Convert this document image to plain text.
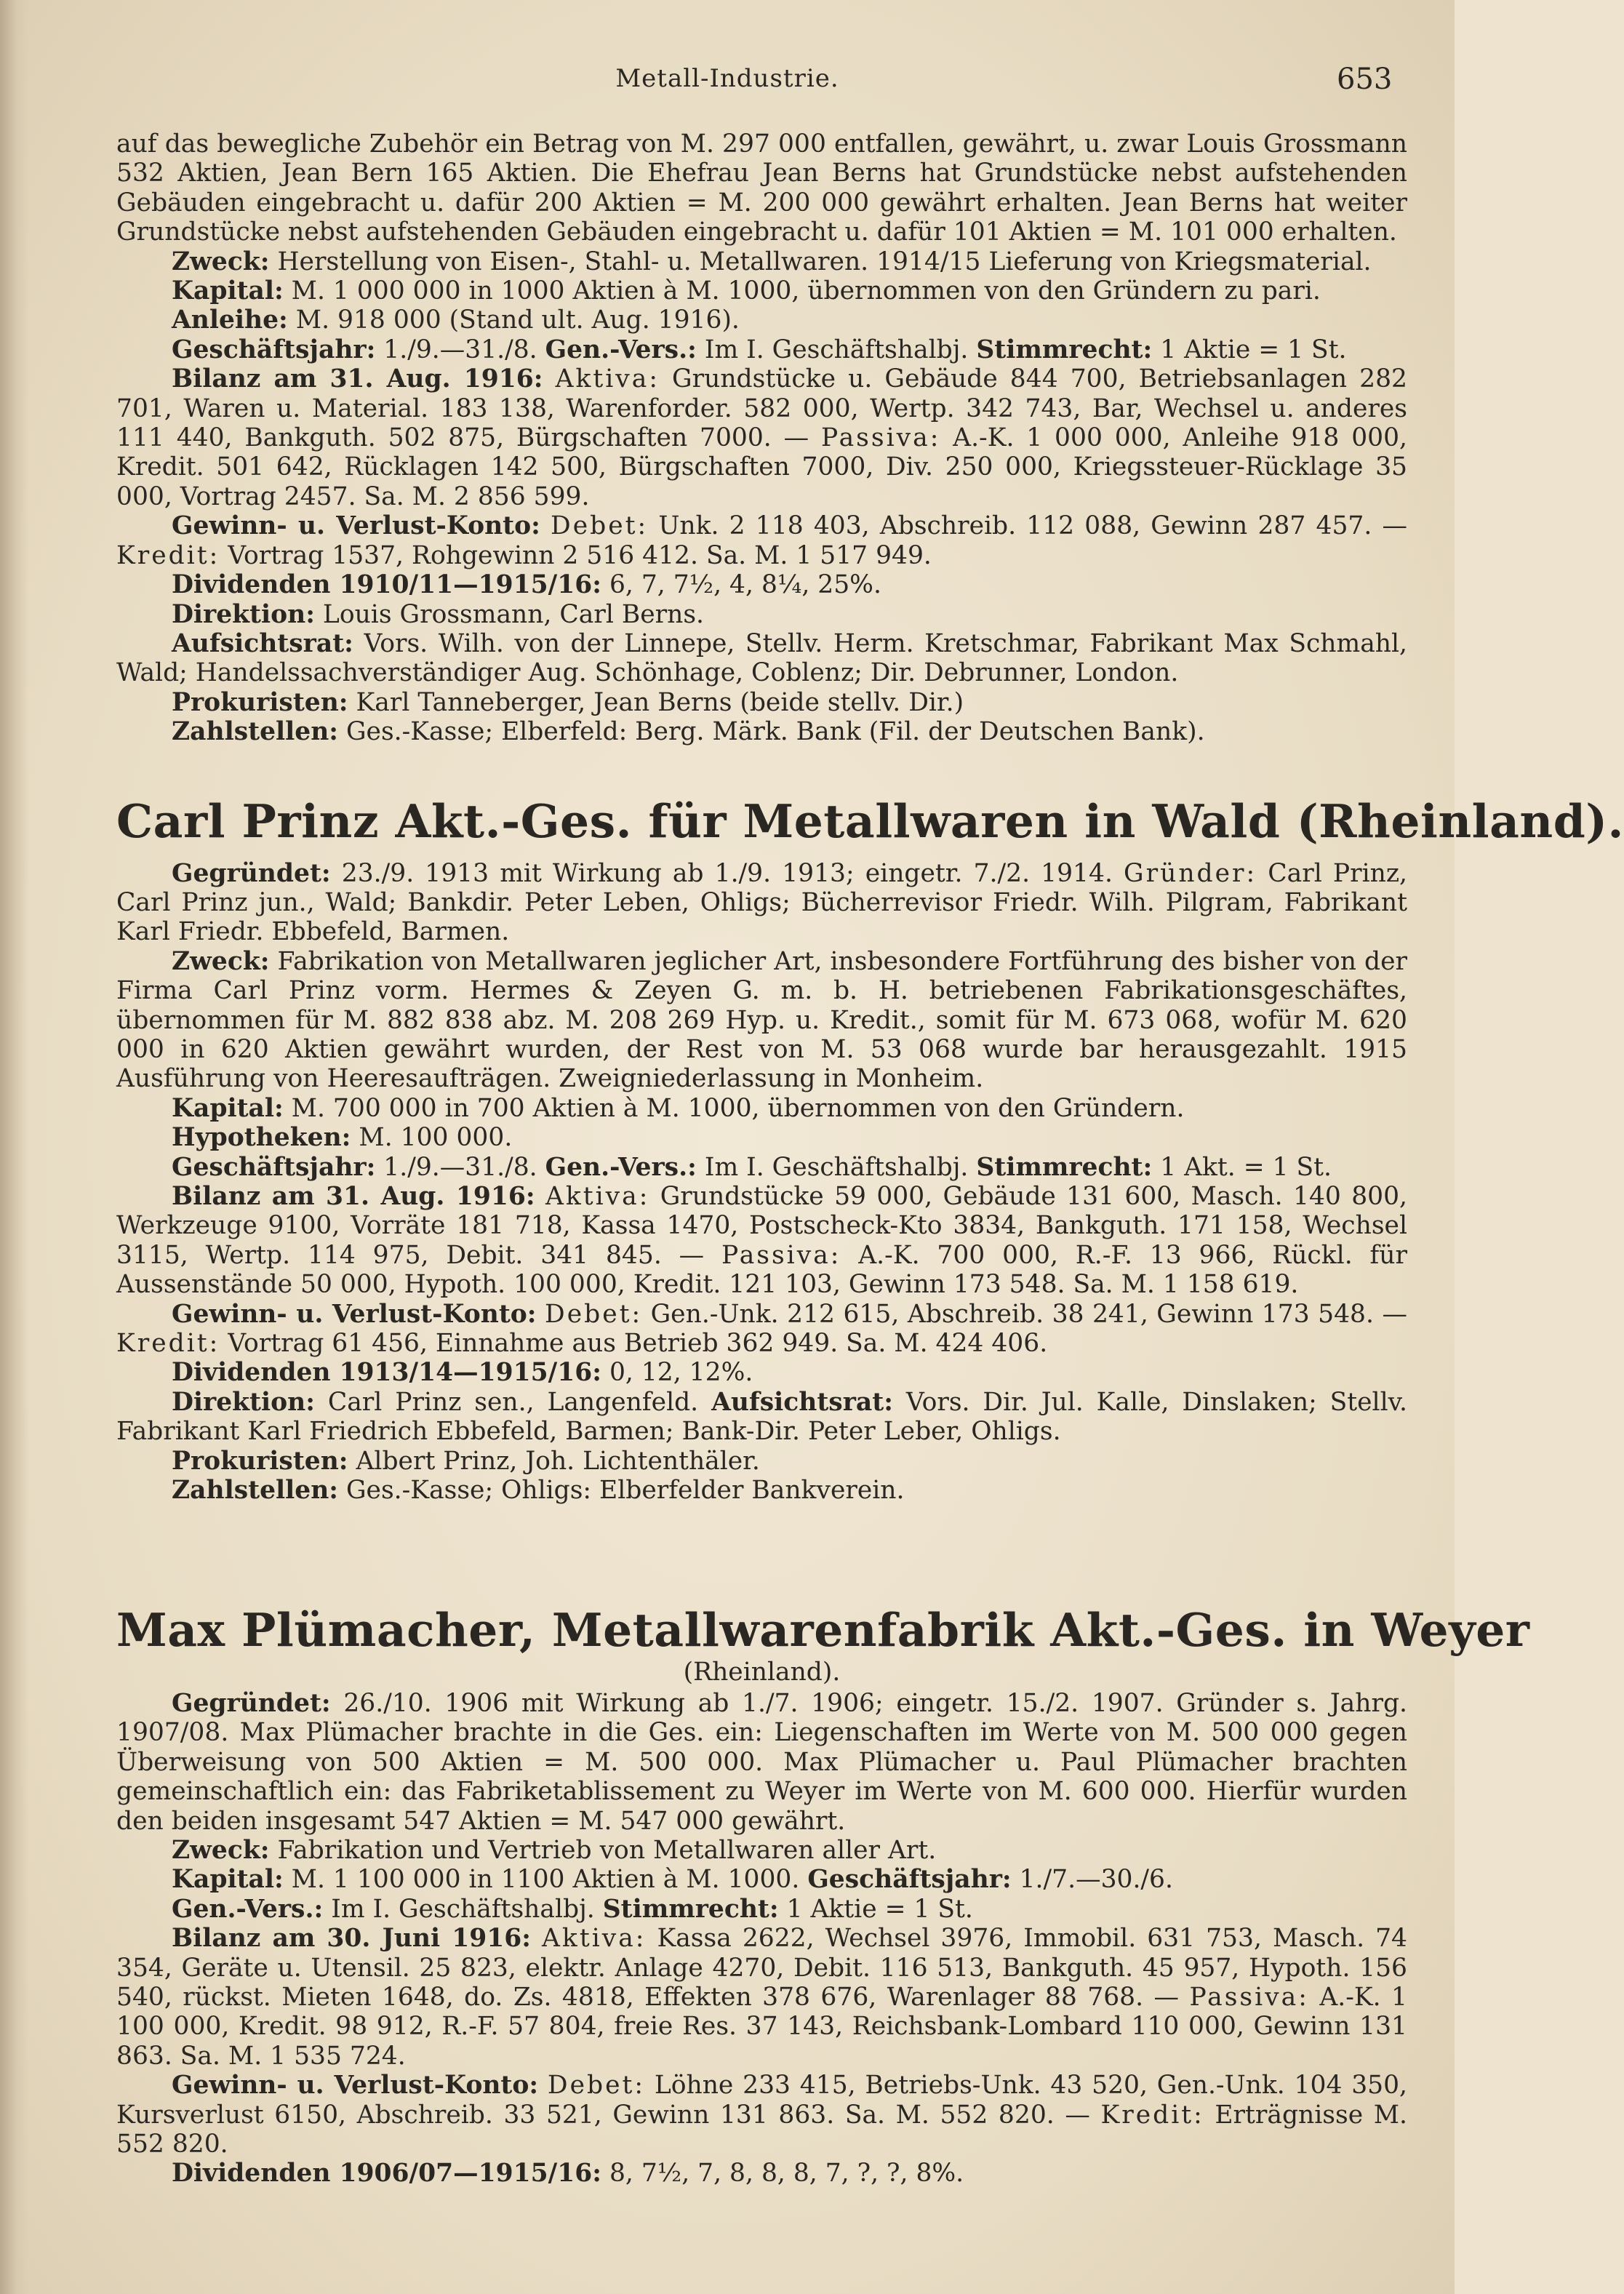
Metall-Industrie.	653

auf das bewegliche Zubehör ein Betrag von M. 297 000 entfallen, gewährt, u. zwar Louis Grossmann 532 Aktien, Jean Bern 165 Aktien. Die Ehefrau Jean Berns hat Grundstücke nebst aufstehenden Gebäuden eingebracht u. dafür 200 Aktien = M. 200 000 gewährt erhalten. Jean Berns hat weiter Grundstücke nebst aufstehenden Gebäuden eingebracht u. dafür 101 Aktien = M. 101 000 erhalten.

Zweck: Herstellung von Eisen-, Stahl- u. Metallwaren. 1914/15 Lieferung von Kriegsmaterial.

Kapital: M. 1 000 000 in 1000 Aktien à M. 1000, übernommen von den Gründern zu pari.

Anleihe: M. 918 000 (Stand ult. Aug. 1916).

Geschäftsjahr: 1./9.—31./8. Gen.-Vers.: Im I. Geschäftshalbj. Stimmrecht: 1 Aktie = 1 St.

Bilanz am 31. Aug. 1916: Aktiva: Grundstücke u. Gebäude 844 700, Betriebsanlagen 282 701, Waren u. Material. 183 138, Warenforder. 582 000, Wertp. 342 743, Bar, Wechsel u. anderes 111 440, Bankguth. 502 875, Bürgschaften 7000. — Passiva: A.-K. 1 000 000, Anleihe 918 000, Kredit. 501 642, Rücklagen 142 500, Bürgschaften 7000, Div. 250 000, Kriegssteuer-Rücklage 35 000, Vortrag 2457. Sa. M. 2 856 599.

Gewinn- u. Verlust-Konto: Debet: Unk. 2 118 403, Abschreib. 112 088, Gewinn 287 457. — Kredit: Vortrag 1537, Rohgewinn 2 516 412. Sa. M. 1 517 949.

Dividenden 1910/11—1915/16: 6, 7, 7½, 4, 8¼, 25%.

Direktion: Louis Grossmann, Carl Berns.

Aufsichtsrat: Vors. Wilh. von der Linnepe, Stellv. Herm. Kretschmar, Fabrikant Max Schmahl, Wald; Handelssachverständiger Aug. Schönhage, Coblenz; Dir. Debrunner, London.

Prokuristen: Karl Tanneberger, Jean Berns (beide stellv. Dir.)

Zahlstellen: Ges.-Kasse; Elberfeld: Berg. Märk. Bank (Fil. der Deutschen Bank).

Carl Prinz Akt.-Ges. für Metallwaren in Wald (Rheinland).

Gegründet: 23./9. 1913 mit Wirkung ab 1./9. 1913; eingetr. 7./2. 1914. Gründer: Carl Prinz, Carl Prinz jun., Wald; Bankdir. Peter Leben, Ohligs; Bücherrevisor Friedr. Wilh. Pilgram, Fabrikant Karl Friedr. Ebbefeld, Barmen.

Zweck: Fabrikation von Metallwaren jeglicher Art, insbesondere Fortführung des bisher von der Firma Carl Prinz vorm. Hermes & Zeyen G. m. b. H. betriebenen Fabrikationsgeschäftes, übernommen für M. 882 838 abz. M. 208 269 Hyp. u. Kredit., somit für M. 673 068, wofür M. 620 000 in 620 Aktien gewährt wurden, der Rest von M. 53 068 wurde bar herausgezahlt. 1915 Ausführung von Heeresaufträgen. Zweigniederlassung in Monheim.

Kapital: M. 700 000 in 700 Aktien à M. 1000, übernommen von den Gründern.

Hypotheken: M. 100 000.

Geschäftsjahr: 1./9.—31./8. Gen.-Vers.: Im I. Geschäftshalbj. Stimmrecht: 1 Akt. = 1 St.

Bilanz am 31. Aug. 1916: Aktiva: Grundstücke 59 000, Gebäude 131 600, Masch. 140 800, Werkzeuge 9100, Vorräte 181 718, Kassa 1470, Postscheck-Kto 3834, Bankguth. 171 158, Wechsel 3115, Wertp. 114 975, Debit. 341 845. — Passiva: A.-K. 700 000, R.-F. 13 966, Rückl. für Aussenstände 50 000, Hypoth. 100 000, Kredit. 121 103, Gewinn 173 548. Sa. M. 1 158 619.

Gewinn- u. Verlust-Konto: Debet: Gen.-Unk. 212 615, Abschreib. 38 241, Gewinn 173 548. — Kredit: Vortrag 61 456, Einnahme aus Betrieb 362 949. Sa. M. 424 406.

Dividenden 1913/14—1915/16: 0, 12, 12%.

Direktion: Carl Prinz sen., Langenfeld. Aufsichtsrat: Vors. Dir. Jul. Kalle, Dinslaken; Stellv. Fabrikant Karl Friedrich Ebbefeld, Barmen; Bank-Dir. Peter Leber, Ohligs.

Prokuristen: Albert Prinz, Joh. Lichtenthäler.

Zahlstellen: Ges.-Kasse; Ohligs: Elberfelder Bankverein.

Max Plümacher, Metallwarenfabrik Akt.-Ges. in Weyer

(Rheinland).

Gegründet: 26./10. 1906 mit Wirkung ab 1./7. 1906; eingetr. 15./2. 1907. Gründer s. Jahrg. 1907/08. Max Plümacher brachte in die Ges. ein: Liegenschaften im Werte von M. 500 000 gegen Überweisung von 500 Aktien = M. 500 000. Max Plümacher u. Paul Plümacher brachten gemeinschaftlich ein: das Fabriketablissement zu Weyer im Werte von M. 600 000. Hierfür wurden den beiden insgesamt 547 Aktien = M. 547 000 gewährt.

Zweck: Fabrikation und Vertrieb von Metallwaren aller Art.

Kapital: M. 1 100 000 in 1100 Aktien à M. 1000. Geschäftsjahr: 1./7.—30./6.

Gen.-Vers.: Im I. Geschäftshalbj. Stimmrecht: 1 Aktie = 1 St.

Bilanz am 30. Juni 1916: Aktiva: Kassa 2622, Wechsel 3976, Immobil. 631 753, Masch. 74 354, Geräte u. Utensil. 25 823, elektr. Anlage 4270, Debit. 116 513, Bankguth. 45 957, Hypoth. 156 540, rückst. Mieten 1648, do. Zs. 4818, Effekten 378 676, Warenlager 88 768. — Passiva: A.-K. 1 100 000, Kredit. 98 912, R.-F. 57 804, freie Res. 37 143, Reichsbank-Lombard 110 000, Gewinn 131 863. Sa. M. 1 535 724.

Gewinn- u. Verlust-Konto: Debet: Löhne 233 415, Betriebs-Unk. 43 520, Gen.-Unk. 104 350, Kursverlust 6150, Abschreib. 33 521, Gewinn 131 863. Sa. M. 552 820. — Kredit: Erträgnisse M. 552 820.

Dividenden 1906/07—1915/16: 8, 7½, 7, 8, 8, 8, 7, ?, ?, 8%.
